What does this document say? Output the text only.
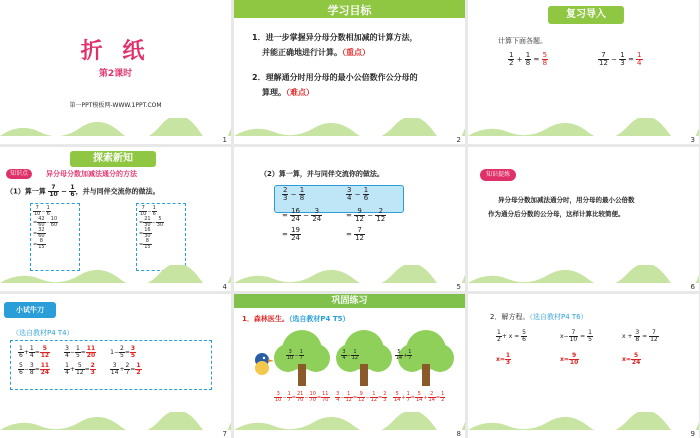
折 纸
第2课时
第一PPT模板网-WWW.1PPT.COM
1
学习目标
1．进一步掌握异分母分数相加减的计算方法，
并能正确地进行计算。（重点）
2．理解通分时用分母的最小公倍数作公分母的
算理。（难点）
2
复习导入
计算下面各题。
$\frac{1}{2} + \frac{1}{8} = \frac{5}{8}$	$\frac{7}{12} - \frac{1}{3} = \frac{1}{4}$
3
探索新知
知识点	异分母分数加减法通分的方法
（1）算一算 $\frac{7}{10} - \frac{1}{6}$ ，并与同伴交流你的做法。
$\frac{7}{10} - \frac{1}{6}$
= $\frac{42}{60} - \frac{10}{60}$
= $\frac{32}{60}$
= $\frac{8}{15}$
$\frac{7}{10} - \frac{1}{6}$
= $\frac{21}{30} - \frac{5}{30}$
= $\frac{16}{30}$
= $\frac{8}{15}$
4
（2）算一算，并与同伴交流你的做法。
$\frac{2}{3} - \frac{1}{8}$
= $\frac{16}{24} - \frac{3}{24}$
= $\frac{19}{24}$
$\frac{3}{4} - \frac{1}{6}$
= $\frac{9}{12} - \frac{2}{12}$
= $\frac{7}{12}$
5
知识提炼
异分母分数加减法通分时，用分母的最小公倍数
作为通分后分数的公分母，这样计算比较简便。
6
小试牛刀
（选自教材P4 T4）
$\frac{1}{6} + \frac{1}{4} = \frac{5}{12} \frac{3}{4} - \frac{1}{5} = \frac{11}{20} 1- \frac{2}{5} = \frac{3}{5}$
$\frac{5}{6} - \frac{3}{8} = \frac{11}{24} \frac{1}{4} + \frac{5}{12} = \frac{2}{3} \frac{3}{14} + \frac{2}{7} = \frac{1}{2}$
7
巩固练习
1．森林医生。（选自教材P4 T5）
$\frac{3}{10} - \frac{1}{7}$
	$\frac{3}{4} - \frac{1}{12}$
	$\frac{5}{14} + \frac{1}{7}$
$\frac{3}{10} - \frac{1}{7} = \frac{21}{70} - \frac{10}{70} = \frac{11}{70}$
$\frac{3}{4} - \frac{1}{12} = \frac{9}{12} - \frac{1}{12} = \frac{2}{3}$
$\frac{5}{14} + \frac{1}{7} = \frac{5}{14} + \frac{2}{14} = \frac{1}{2}$
8
2．解方程。（选自教材P4 T6）
$\frac{1}{2} + x = \frac{5}{6}$
$x= \frac{1}{3}$
$x- \frac{7}{10} = \frac{1}{5}$
$x= \frac{9}{10}$
$x + \frac{3}{8} = \frac{7}{12}$
$x= \frac{5}{24}$
9
